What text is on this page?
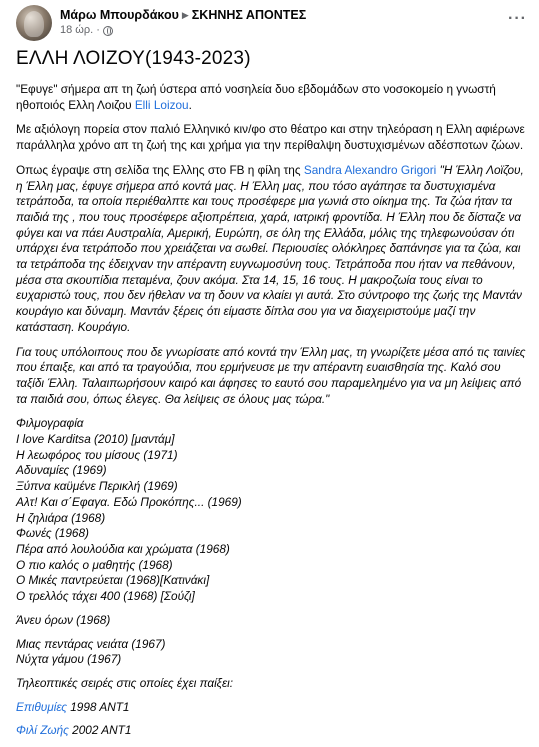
Μάρω Μπουρδάκου ▶ ΣΚΗΝΗΣ ΑΠΟΝΤΕΣ
18 ώρ. ·
···
ΕΛΛΗ ΛΟΙΖΟΥ(1943-2023)

"Εφυγε" σήμερα απ τη ζωή ύστερα από νοσηλεία δυο εβδομάδων στο νοσοκομείο η γνωστή ηθοποιός Ελλη Λοιζου Elli Loizou.

Με αξιόλογη πορεία στον παλιό Ελληνικό κιν/φο στο θέατρο και στην τηλεόραση η Ελλη αφιέρωνε παράλληλα χρόνο απ τη ζωή της και χρήμα για την περίθαλψη δυστυχισμένων αδέσποτων ζώων.

Οπως έγραψε στη σελίδα της Ελλης στο FB η φίλη της Sandra Alexandro Grigori "Η Έλλη Λοϊζου, η Έλλη μας, έφυγε σήμερα από κοντά μας. Η Έλλη μας, που τόσο αγάπησε τα δυστυχισμένα τετράποδα, τα οποία περιέθαλπτε και τους προσέφερε μια γωνιά στο οίκημα της. Τα ζώα ήταν τα παιδιά της , που τους προσέφερε αξιοπρέπεια, χαρά, ιατρική φροντίδα. Η Έλλη που δε δίσταζε να φύγει και να πάει Αυστραλία, Αμερική, Ευρώπη, σε όλη της Ελλάδα, μόλις της τηλεφωνούσαν ότι υπάρχει ένα τετράποδο που χρειάζεται να σωθεί. Περιουσίες ολόκληρες δαπάνησε για τα ζώα, και τα τετράποδα της έδειχναν την απέραντη ευγνωμοσύνη τους. Τετράποδα που ήταν να πεθάνουν, μέσα στα σκουπίδια πεταμένα, ζουν ακόμα. Στα 14, 15, 16 τους. Η μακροζωία τους είναι το ευχαριστώ τους, που δεν ήθελαν να τη δουν να κλαίει γι αυτά. Στο σύντροφο της ζωής της Μαντάν κουράγιο και δύναμη. Μαντάν ξέρεις ότι είμαστε δίπλα σου για να διαχειριστούμε μαζί την κατάσταση. Κουράγιο.

Για τους υπόλοιπους που δε γνωρίσατε από κοντά την Έλλη μας, τη γνωρίζετε μέσα από τις ταινίες που έπαιξε, και από τα τραγούδια, που ερμήνευσε με την απέραντη ευαισθησία της. Καλό σου ταξίδι Έλλη. Ταλαιπωρήσουν καιρό και άφησες το εαυτό σου παραμελημένο για να μη λείψεις από τα παιδιά σου, όπως έλεγες. Θα λείψεις σε όλους μας τώρα."

Φιλμογραφία
I love Karditsa (2010) [μαντάμ]
Η λεωφόρος του μίσους (1971)
Αδυναμίες (1969)
Ξύπνα καϋμένε Περικλή (1969)
Αλτ! Και σ΄Εφαγα. Εδώ Προκόπης... (1969)
Η ζηλιάρα (1968)
Φωνές (1968)
Πέρα από λουλούδια και χρώματα (1968)
Ο πιο καλός ο μαθητής (1968)
Ο Μικές παντρεύεται (1968)[Κατινάκι]
Ο τρελλός τάχει 400 (1968) [Σούζι]
Άνευ όρων (1968)
Μιας πεντάρας νειάτα (1967)
Νύχτα γάμου (1967)
Τηλεοπτικές σειρές στις οποίες έχει παίξει:
Επιθυμίες 1998 ΑΝΤ1
Φιλί Ζωής 2002 ΑΝΤ1
